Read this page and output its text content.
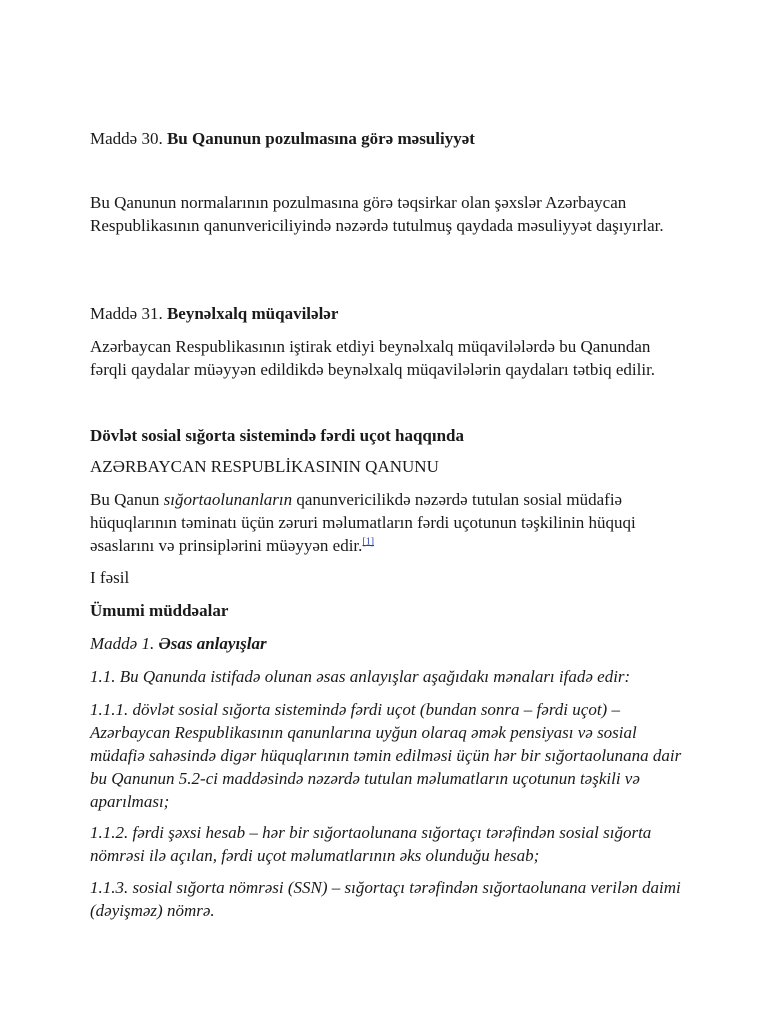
Maddə 30. Bu Qanunun pozulmasına görə məsuliyyət

Bu Qanunun normalarının pozulmasına görə təqsirkar olan şəxslər Azərbaycan Respublikasının qanunvericiliyində nəzərdə tutulmuş qaydada məsuliyyət daşıyırlar.

Maddə 31. Beynəlxalq müqavilələr

Azərbaycan Respublikasının iştirak etdiyi beynəlxalq müqavilələrdə bu Qanundan fərqli qaydalar müəyyən edildikdə beynəlxalq müqavilələrin qaydaları tətbiq edilir.

Dövlət sosial sığorta sistemində fərdi uçot haqqında

AZƏRBAYCAN RESPUBLİKASININ QANUNU

Bu Qanun sığortaolunanların qanunvericilikdə nəzərdə tutulan sosial müdafiə hüquqlarının təminatı üçün zəruri məlumatların fərdi uçotunun təşkilinin hüquqi əsaslarını və prinsiplərini müəyyən edir.[1]

I fəsil

Ümumi müddəalar

Maddə 1. Əsas anlayışlar

1.1. Bu Qanunda istifadə olunan əsas anlayışlar aşağıdakı mənaları ifadə edir:

1.1.1. dövlət sosial sığorta sistemində fərdi uçot (bundan sonra – fərdi uçot) – Azərbaycan Respublikasının qanunlarına uyğun olaraq əmək pensiyası və sosial müdafiə sahəsində digər hüquqlarının təmin edilməsi üçün hər bir sığortaolunana dair bu Qanunun 5.2-ci maddəsində nəzərdə tutulan məlumatların uçotunun təşkili və aparılması;

1.1.2. fərdi şəxsi hesab – hər bir sığortaolunana sığortaçı tərəfindən sosial sığorta nömrəsi ilə açılan, fərdi uçot məlumatlarının əks olunduğu hesab;

1.1.3. sosial sığorta nömrəsi (SSN) – sığortaçı tərəfindən sığortaolunana verilən daimi (dəyişməz) nömrə.
